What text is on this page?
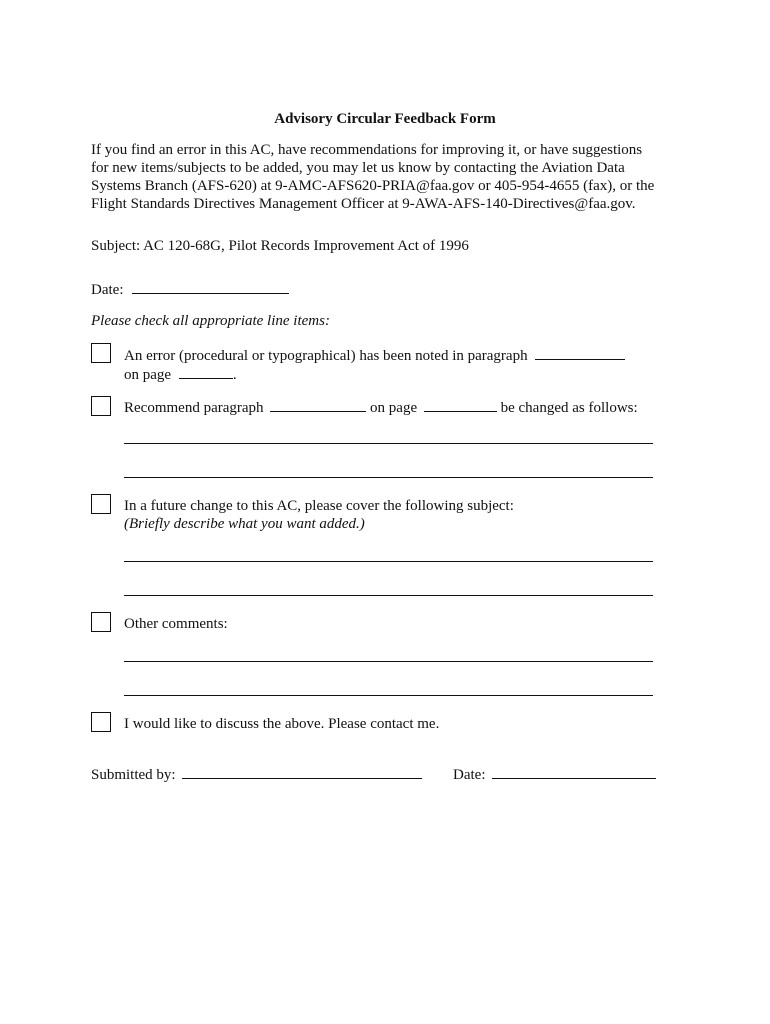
Advisory Circular Feedback Form
If you find an error in this AC, have recommendations for improving it, or have suggestions
for new items/subjects to be added, you may let us know by contacting the Aviation Data
Systems Branch (AFS-620) at 9-AMC-AFS620-PRIA@faa.gov or 405-954-4655 (fax), or the
Flight Standards Directives Management Officer at 9-AWA-AFS-140-Directives@faa.gov.
Subject: AC 120-68G, Pilot Records Improvement Act of 1996
Date:
Please check all appropriate line items:
An error (procedural or typographical) has been noted in paragraph
on page	.
Recommend paragraph	on page	be changed as follows:
In a future change to this AC, please cover the following subject:
(Briefly describe what you want added.)
Other comments:
I would like to discuss the above. Please contact me.
Submitted by:	Date:
